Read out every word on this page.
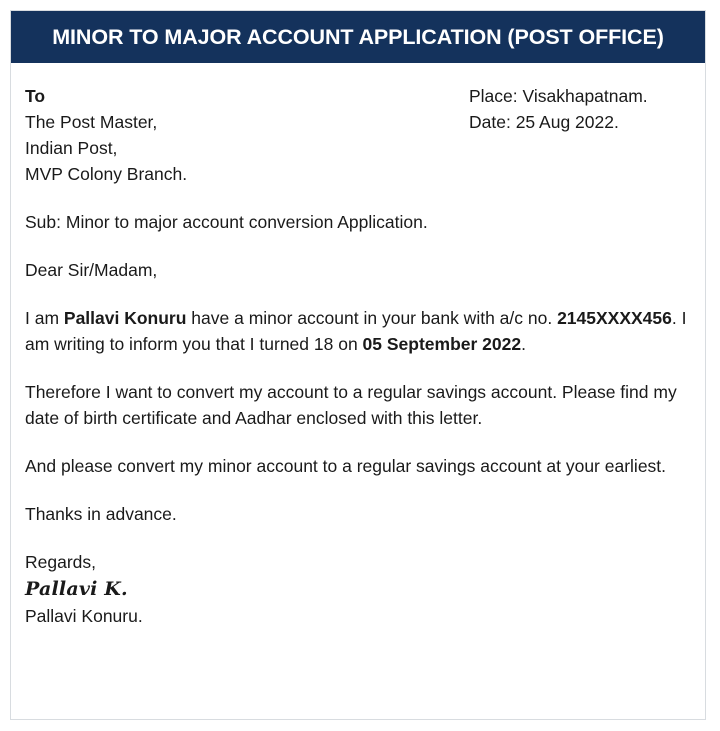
MINOR TO MAJOR ACCOUNT APPLICATION (POST OFFICE)
To
The Post Master,
Indian Post,
MVP Colony Branch.
Place: Visakhapatnam.
Date: 25 Aug 2022.
Sub: Minor to major account conversion Application.
Dear Sir/Madam,
I am Pallavi Konuru have a minor account in your bank with a/c no. 2145XXXX456. I am writing to inform you that I turned 18 on 05 September 2022.
Therefore I want to convert my account to a regular savings account. Please find my date of birth certificate and Aadhar enclosed with this letter.
And please convert my minor account to a regular savings account at your earliest.
Thanks in advance.
Regards,
Pallavi K.
Pallavi Konuru.
